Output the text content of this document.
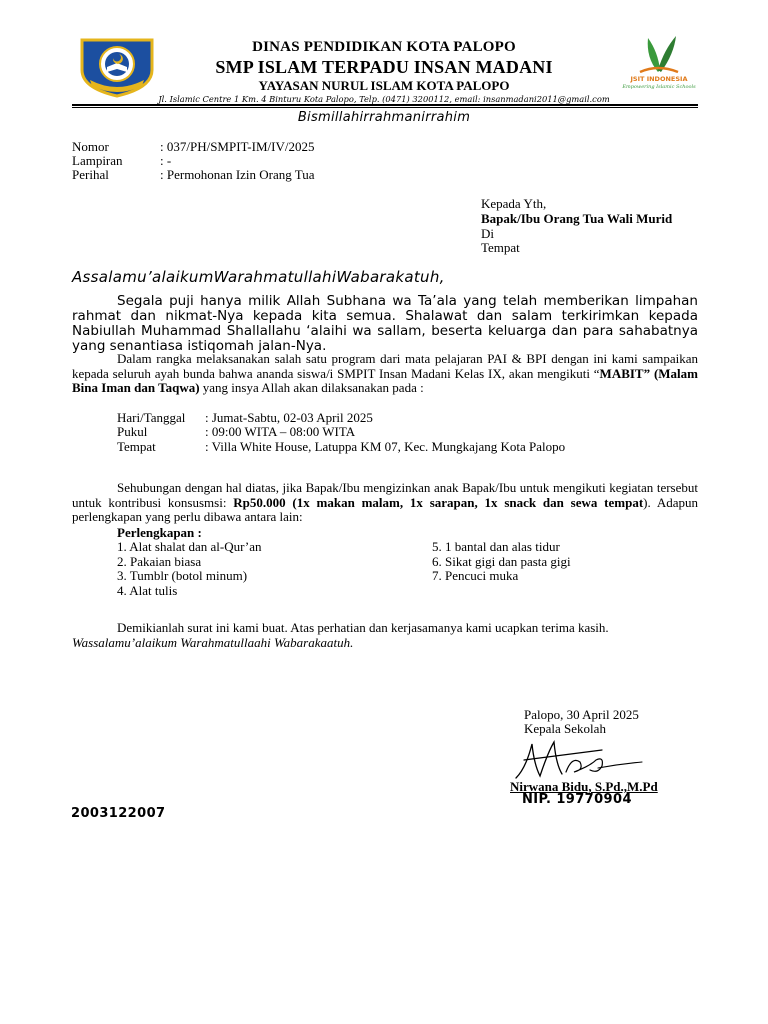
DINAS PENDIDIKAN KOTA PALOPO
SMP ISLAM TERPADU INSAN MADANI
YAYASAN NURUL ISLAM KOTA PALOPO
Jl. Islamic Centre 1 Km. 4 Binturu Kota Palopo, Telp. (0471) 3200112, email: insanmadani2011@gmail.com
JSIT INDONESIA
Empowering Islamic Schools
Bismillahirrahmanirrahim
Nomor	: 037/PH/SMPIT-IM/IV/2025
Lampiran	: -
Perihal	: Permohonan Izin Orang Tua
Kepada Yth,
Bapak/Ibu Orang Tua Wali Murid
Di
Tempat
Assalamu’alaikumWarahmatullahiWabarakatuh,
Segala puji hanya milik Allah Subhana wa Ta’ala yang telah memberikan limpahan rahmat dan nikmat-Nya kepada kita semua. Shalawat dan salam terkirimkan kepada Nabiullah Muhammad Shallallahu ‘alaihi wa sallam, beserta keluarga dan para sahabatnya yang senantiasa istiqomah jalan-Nya.
Dalam rangka melaksanakan salah satu program dari mata pelajaran PAI & BPI dengan ini kami sampaikan kepada seluruh ayah bunda bahwa ananda siswa/i SMPIT Insan Madani Kelas IX, akan mengikuti “MABIT” (Malam Bina Iman dan Taqwa) yang insya Allah akan dilaksanakan pada :
Hari/Tanggal : Jumat-Sabtu, 02-03 April 2025
Pukul	: 09:00 WITA – 08:00 WITA
Tempat	: Villa White House, Latuppa KM 07, Kec. Mungkajang Kota Palopo
Sehubungan dengan hal diatas, jika Bapak/Ibu mengizinkan anak Bapak/Ibu untuk mengikuti kegiatan tersebut untuk kontribusi konsusmsi: Rp50.000 (1x makan malam, 1x sarapan, 1x snack dan sewa tempat). Adapun perlengkapan yang perlu dibawa antara lain:
Perlengkapan :
1. Alat shalat dan al-Qur’an
2. Pakaian biasa
3. Tumblr (botol minum)
4. Alat tulis
5. 1 bantal dan alas tidur
6. Sikat gigi dan pasta gigi
7. Pencuci muka
Demikianlah surat ini kami buat. Atas perhatian dan kerjasamanya kami ucapkan terima kasih.
Wassalamu’alaikum Warahmatullaahi Wabarakaatuh.
Palopo, 30 April 2025
Kepala Sekolah
Nirwana Bidu, S.Pd.,M.Pd
NIP. 19770904
2003122007
